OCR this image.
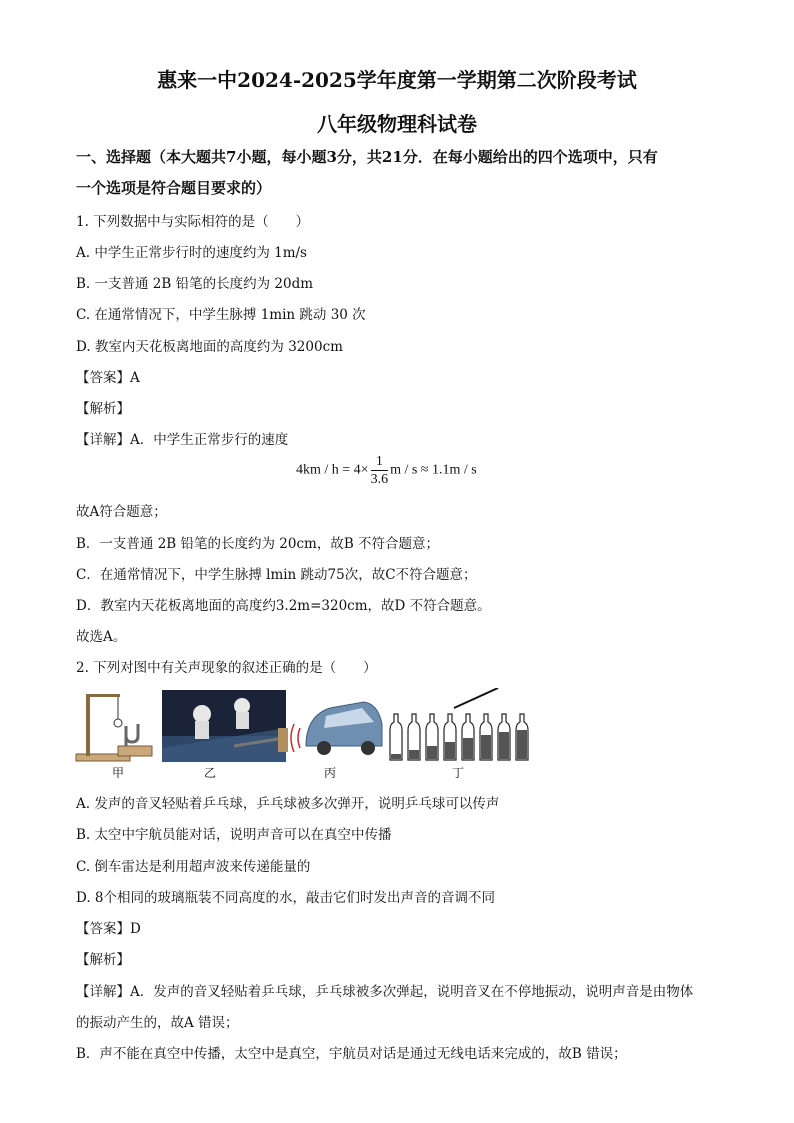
惠来一中2024-2025学年度第一学期第二次阶段考试
八年级物理科试卷
一、选择题（本大题共7小题，每小题3分，共21分．在每小题给出的四个选项中，只有
一个选项是符合题目要求的）
1. 下列数据中与实际相符的是（　　）
A. 中学生正常步行时的速度约为 1m/s
B. 一支普通 2B 铅笔的长度约为 20dm
C. 在通常情况下，中学生脉搏 1min 跳动 30 次
D. 教室内天花板离地面的高度约为 3200cm
【答案】A
【解析】
【详解】A．中学生正常步行的速度
$4km / h = 4\times \frac{1}{3.6}$ m / s ≈ 1.1m / s
故A符合题意；
B．一支普通 2B 铅笔的长度约为 20cm，故B 不符合题意；
C．在通常情况下，中学生脉搏 lmin 跳动75次，故C不符合题意；
D．教室内天花板离地面的高度约3.2m=320cm，故D 不符合题意。
故选A。
2. 下列对图中有关声现象的叙述正确的是（　　）
甲	乙	丙	丁
A. 发声的音叉轻贴着乒乓球，乒乓球被多次弹开，说明乒乓球可以传声
B. 太空中宇航员能对话，说明声音可以在真空中传播
C. 倒车雷达是利用超声波来传递能量的
D. 8个相同的玻璃瓶装不同高度的水，敲击它们时发出声音的音调不同
【答案】D
【解析】
【详解】A．发声的音叉轻贴着乒乓球，乒乓球被多次弹起，说明音叉在不停地振动，说明声音是由物体
的振动产生的，故A 错误；
B．声不能在真空中传播，太空中是真空，宇航员对话是通过无线电话来完成的，故B 错误；
